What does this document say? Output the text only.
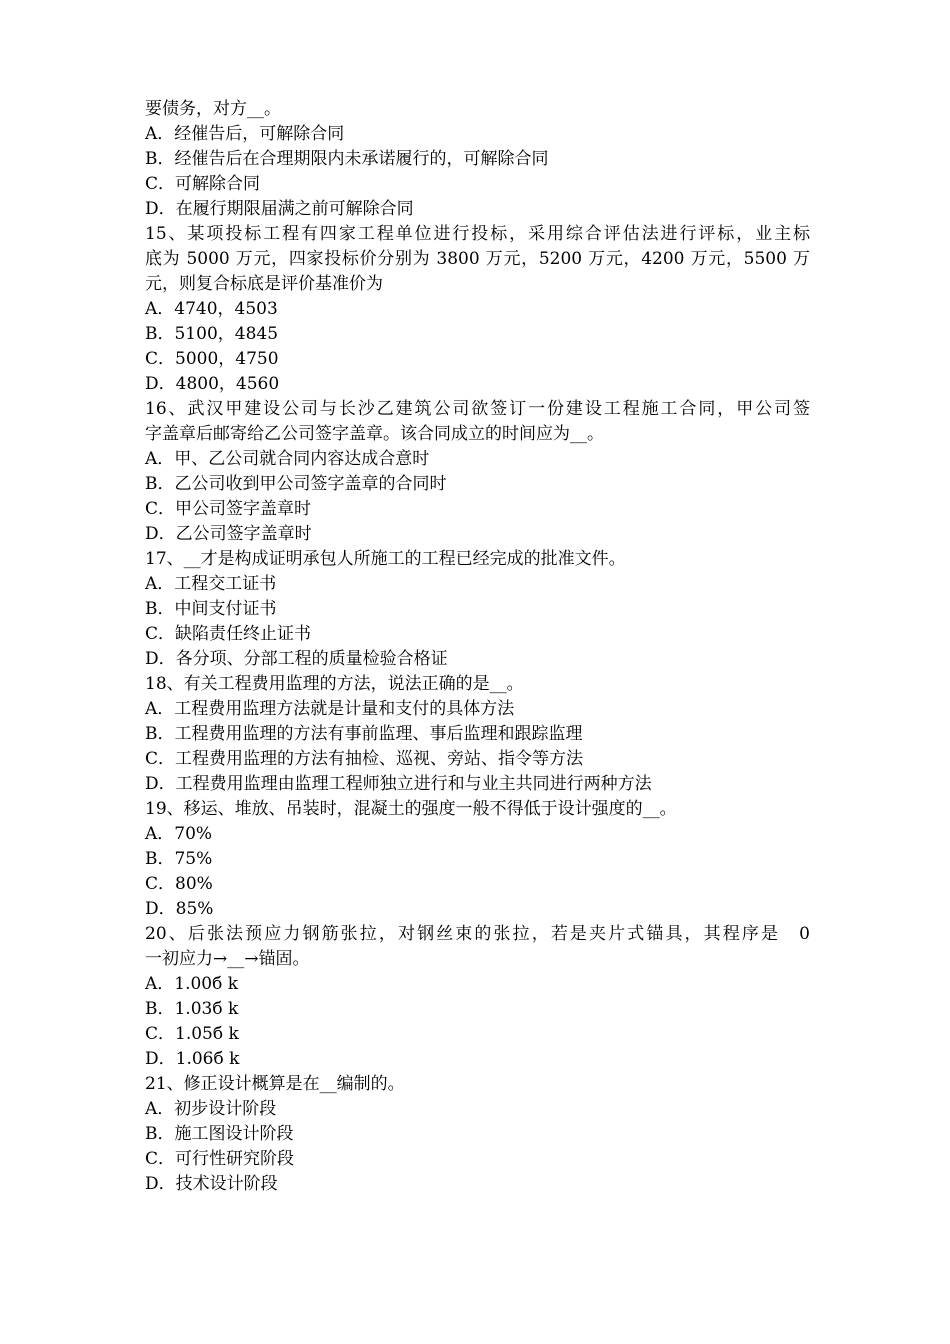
要债务，对方__。
A．经催告后，可解除合同
B．经催告后在合理期限内未承诺履行的，可解除合同
C．可解除合同
D．在履行期限届满之前可解除合同
15、某项投标工程有四家工程单位进行投标，采用综合评估法进行评标，业主标
底为 5000 万元，四家投标价分别为 3800 万元，5200 万元，4200 万元，5500 万
元，则复合标底是评价基准价为
A．4740，4503
B．5100，4845
C．5000，4750
D．4800，4560
16、武汉甲建设公司与长沙乙建筑公司欲签订一份建设工程施工合同，甲公司签
字盖章后邮寄给乙公司签字盖章。该合同成立的时间应为__。
A．甲、乙公司就合同内容达成合意时
B．乙公司收到甲公司签字盖章的合同时
C．甲公司签字盖章时
D．乙公司签字盖章时
17、__才是构成证明承包人所施工的工程已经完成的批准文件。
A．工程交工证书
B．中间支付证书
C．缺陷责任终止证书
D．各分项、分部工程的质量检验合格证
18、有关工程费用监理的方法，说法正确的是__。
A．工程费用监理方法就是计量和支付的具体方法
B．工程费用监理的方法有事前监理、事后监理和跟踪监理
C．工程费用监理的方法有抽检、巡视、旁站、指令等方法
D．工程费用监理由监理工程师独立进行和与业主共同进行两种方法
19、移运、堆放、吊装时，混凝土的强度一般不得低于设计强度的__。
A．70%
B．75%
C．80%
D．85%
20、后张法预应力钢筋张拉，对钢丝束的张拉，若是夹片式锚具，其程序是　0
一初应力→__→锚固。
A．1.00б k
B．1.03б k
C．1.05б k
D．1.06б k
21、修正设计概算是在__编制的。
A．初步设计阶段
B．施工图设计阶段
C．可行性研究阶段
D．技术设计阶段
